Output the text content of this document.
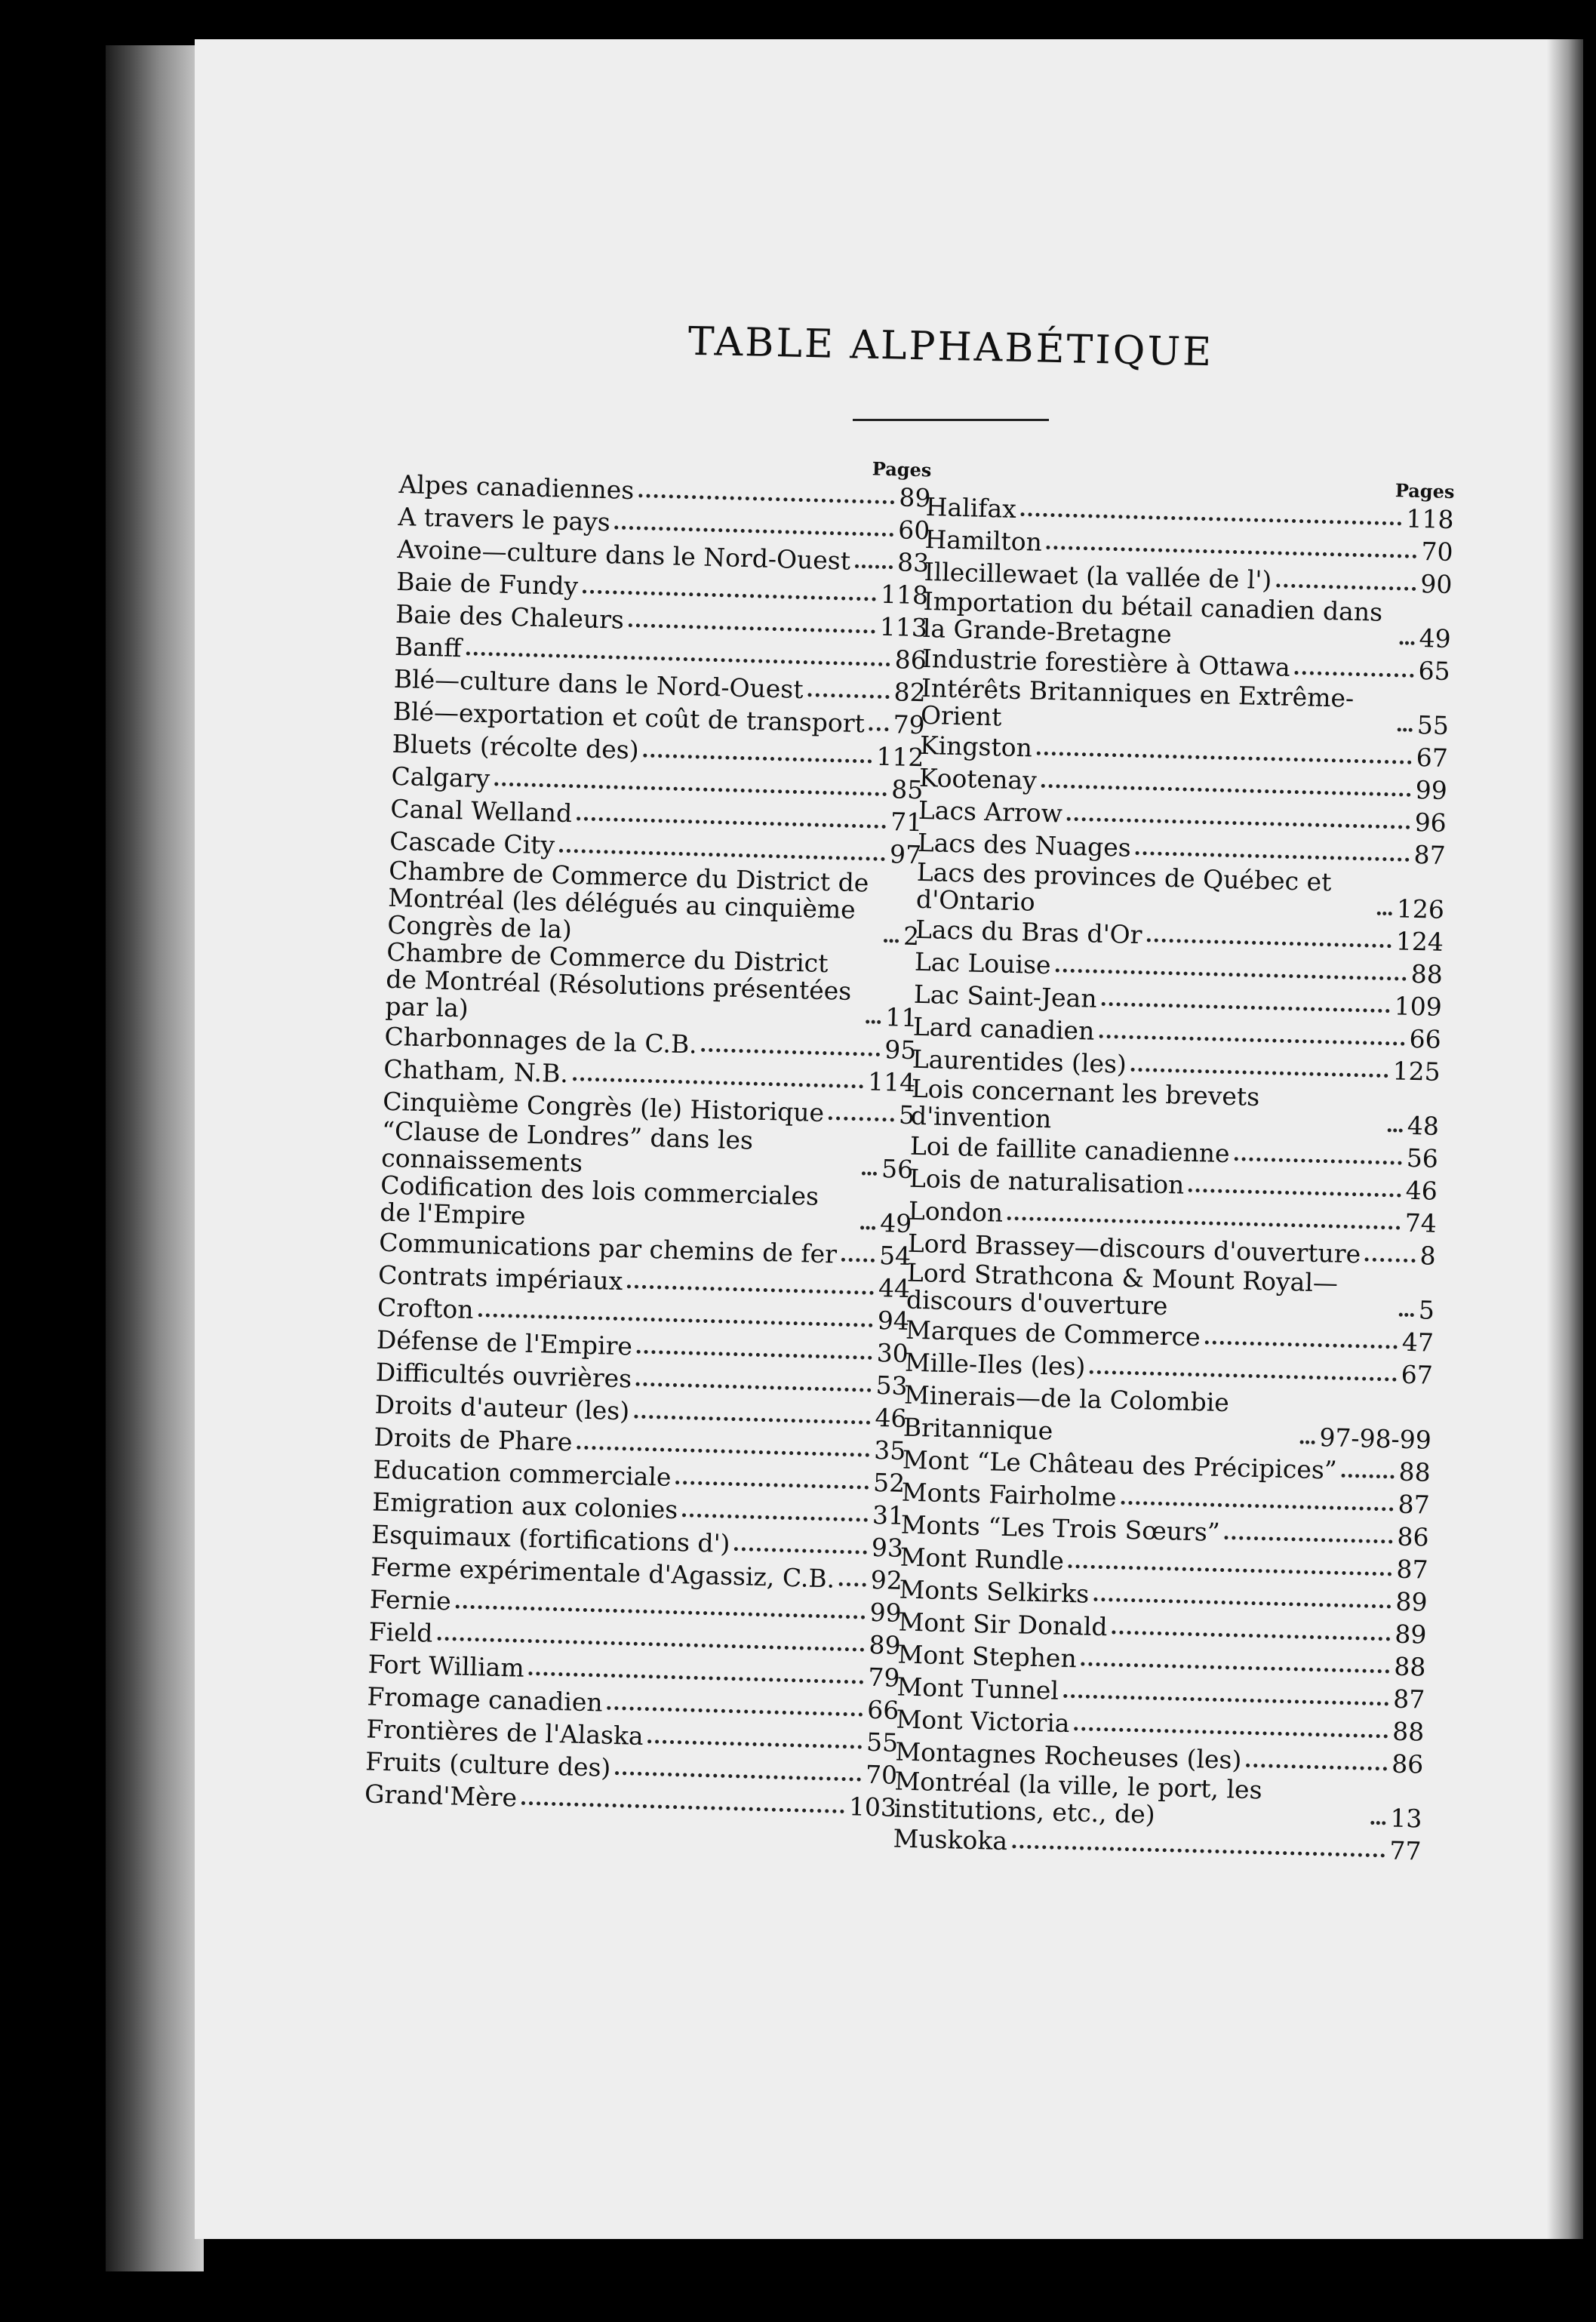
TABLE ALPHABÉTIQUE
Pages
Alpes canadiennes	89
A travers le pays	60
Avoine—culture dans le Nord-Ouest 83
Baie de Fundy	118
Baie des Chaleurs	113
Banff	86
Blé—culture dans le Nord-Ouest	82
Blé—exportation et coût de transport 79
Bluets (récolte des)	112
Calgary	85
Canal Welland	71
Cascade City	97
Chambre de Commerce du District de Montréal (les délégués au cinquième Congrès de la)	2
Chambre de Commerce du District de Montréal (Résolutions présentées par la)	11
Charbonnages de la C.B.	95
Chatham, N.B.	114
Cinquième Congrès (le) Historique	5
“Clause de Londres” dans les connaissements	56
Codification des lois commerciales de l'Empire	49
Communications par chemins de fer 54
Contrats impériaux	44
Crofton	94
Défense de l'Empire	30
Difficultés ouvrières	53
Droits d'auteur (les)	46
Droits de Phare	35
Education commerciale	52
Emigration aux colonies	31
Esquimaux (fortifications d')	93
Ferme expérimentale d'Agassiz, C.B. 92
Fernie	99
Field	89
Fort William	79
Fromage canadien	66
Frontières de l'Alaska	55
Fruits (culture des)	70
Grand'Mère	103
Pages
Halifax	118
Hamilton	70
Illecillewaet (la vallée de l')	90
Importation du bétail canadien dans la Grande-Bretagne	49
Industrie forestière à Ottawa	65
Intérêts Britanniques en Extrême-Orient	55
Kingston	67
Kootenay	99
Lacs Arrow	96
Lacs des Nuages	87
Lacs des provinces de Québec et d'Ontario	126
Lacs du Bras d'Or	124
Lac Louise	88
Lac Saint-Jean	109
Lard canadien	66
Laurentides (les)	125
Lois concernant les brevets d'invention	48
Loi de faillite canadienne	56
Lois de naturalisation	46
London	74
Lord Brassey—discours d'ouverture 8
Lord Strathcona & Mount Royal—discours d'ouverture	5
Marques de Commerce	47
Mille-Iles (les)	67
Minerais—de la Colombie Britannique	97-98-99
Mont “Le Château des Précipices” 88
Monts Fairholme	87
Monts “Les Trois Sœurs”	86
Mont Rundle	87
Monts Selkirks	89
Mont Sir Donald	89
Mont Stephen	88
Mont Tunnel	87
Mont Victoria	88
Montagnes Rocheuses (les)	86
Montréal (la ville, le port, les institutions, etc., de)	13
Muskoka	77
